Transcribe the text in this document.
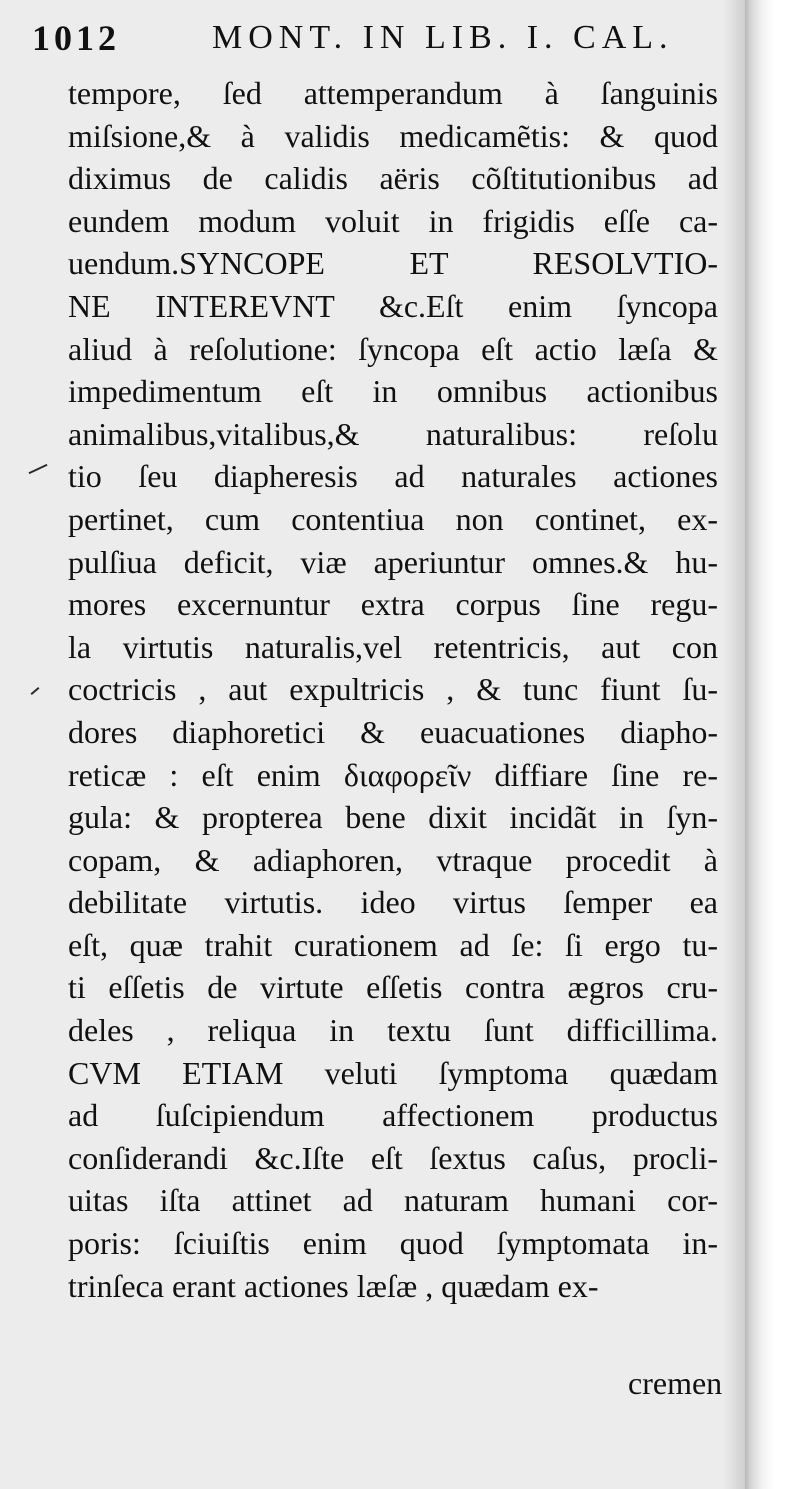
1012	MONT. IN LIB. I. CAL.
tempore, ſed attemperandum à ſanguinis
miſsione,& à validis medicamẽtis: & quod
diximus de calidis aëris cõſtitutionibus ad
eundem modum voluit in frigidis eſſe ca-
uendum.SYNCOPE ET RESOLVTIO-
NE INTEREVNT &c.Eſt enim ſyncopa
aliud à reſolutione: ſyncopa eſt actio læſa &
impedimentum eſt in omnibus actionibus
animalibus,vitalibus,& naturalibus: reſolu
tio ſeu diapheresis ad naturales actiones
pertinet, cum contentiua non continet, ex-
pulſiua deficit, viæ aperiuntur omnes.& hu-
mores excernuntur extra corpus ſine regu-
la virtutis naturalis,vel retentricis, aut con
coctricis , aut expultricis , & tunc fiunt ſu-
dores diaphoretici & euacuationes diapho-
reticæ : eſt enim διαφορεῖν diffiare ſine re-
gula: & propterea bene dixit incidãt in ſyn-
copam, & adiaphoren, vtraque procedit à
debilitate virtutis. ideo virtus ſemper ea
eſt, quæ trahit curationem ad ſe: ſi ergo tu-
ti eſſetis de virtute eſſetis contra ægros cru-
deles , reliqua in textu ſunt difficillima.
CVM ETIAM veluti ſymptoma quædam
ad ſuſcipiendum affectionem productus
conſiderandi &c.Iſte eſt ſextus caſus, procli-
uitas iſta attinet ad naturam humani cor-
poris: ſciuiſtis enim quod ſymptomata in-
trinſeca erant actiones læſæ , quædam ex-
cremen
